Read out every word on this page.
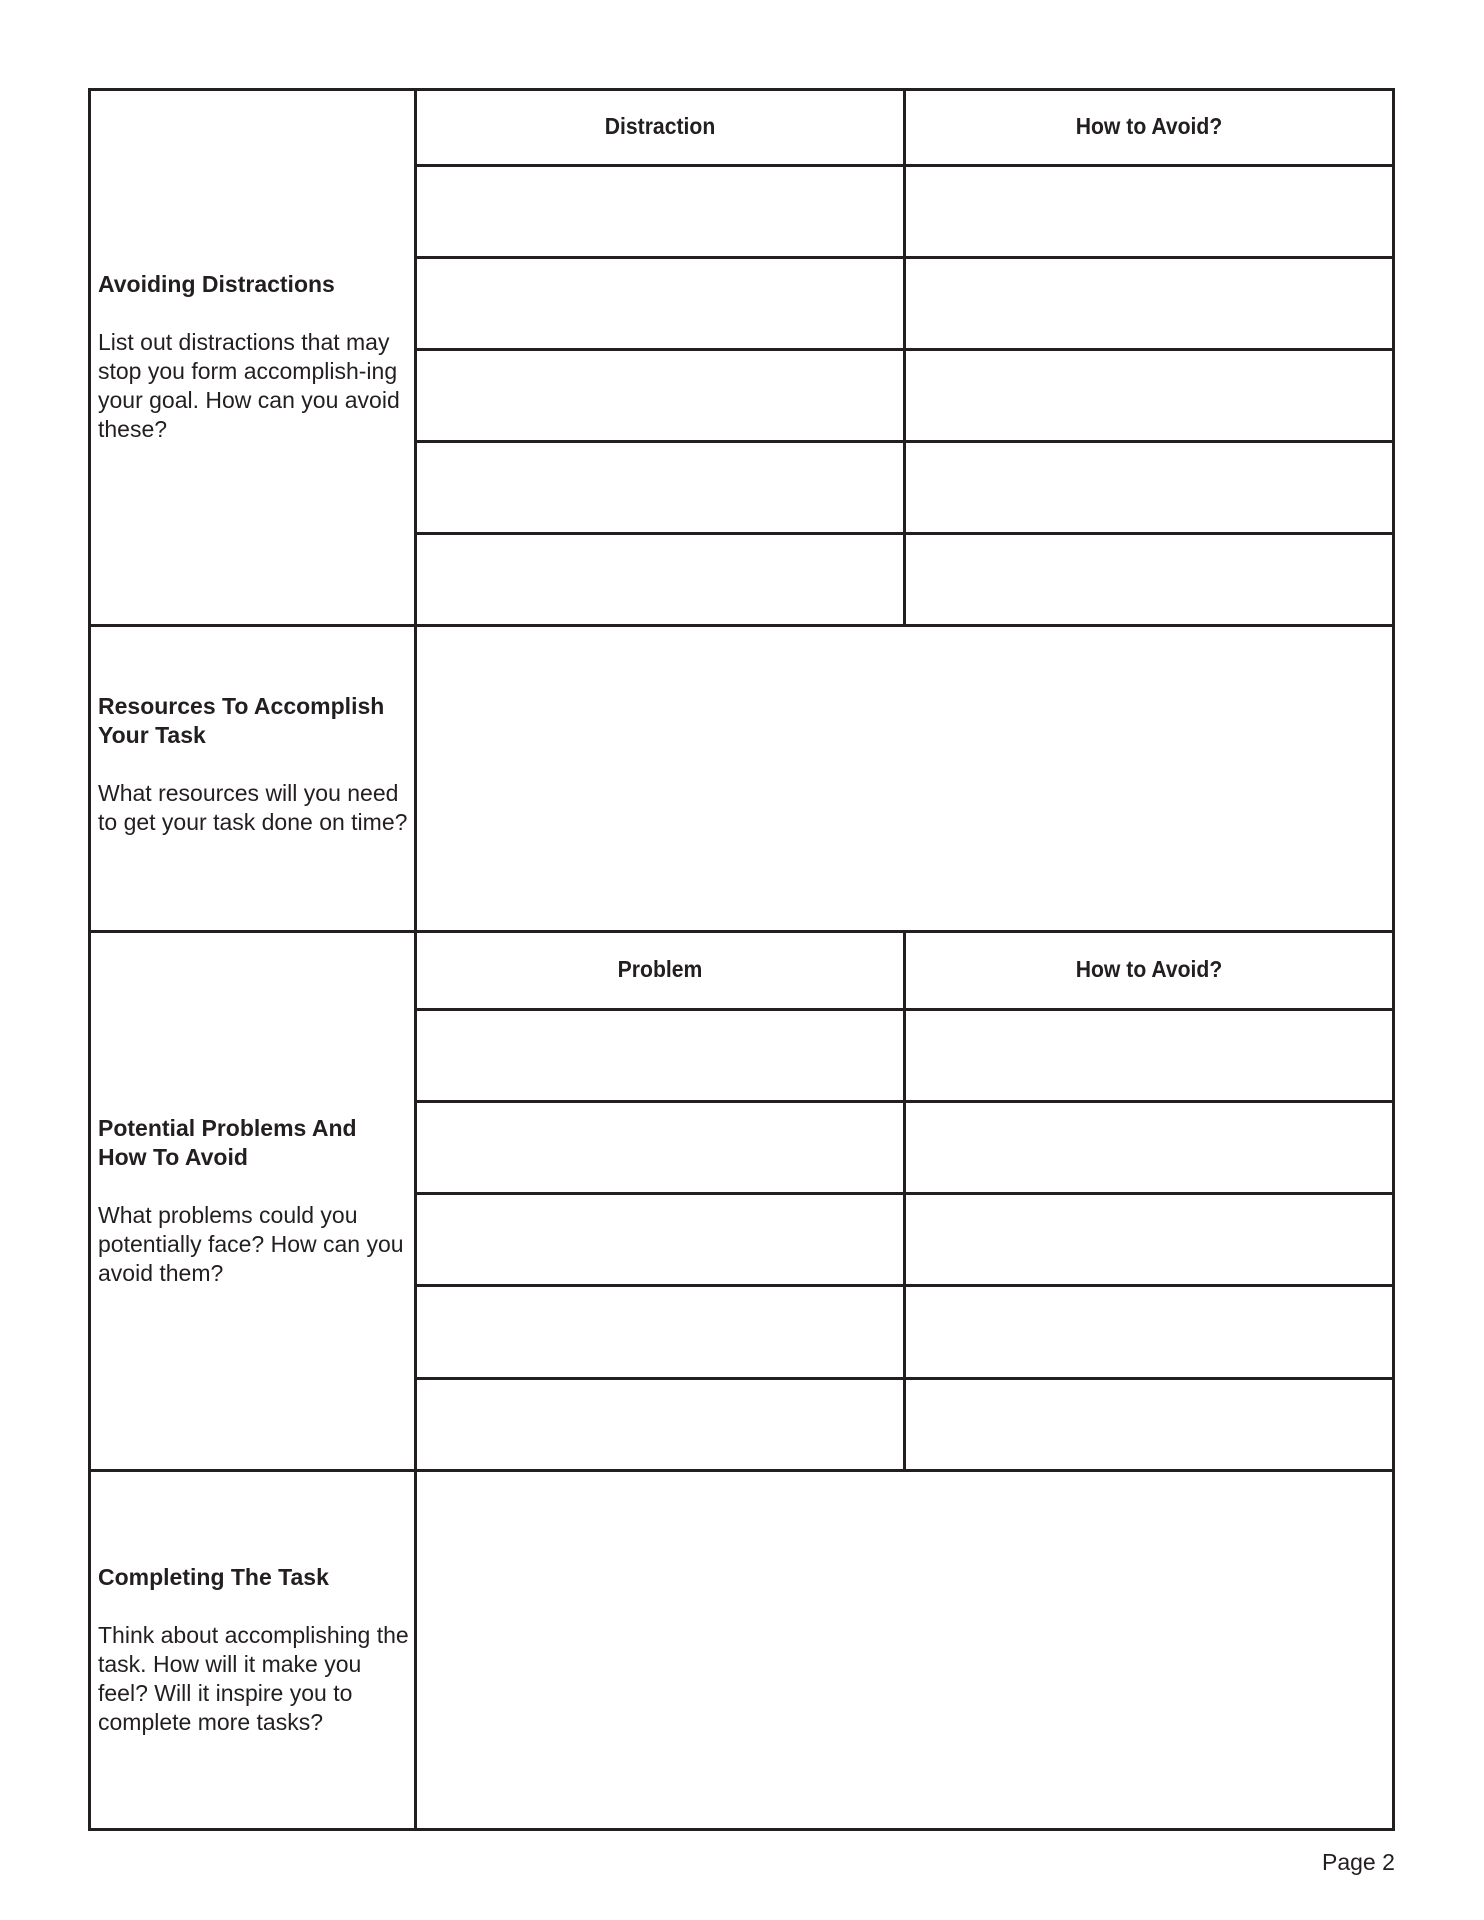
Avoiding Distractions

List out distractions that may stop you form accomplish-ing your goal. How can you avoid these?

Distraction	How to Avoid?

Resources To Accomplish Your Task

What resources will you need to get your task done on time?

Potential Problems And How To Avoid

What problems could you potentially face? How can you avoid them?

Problem	How to Avoid?

Completing The Task

Think about accomplishing the task. How will it make you feel? Will it inspire you to complete more tasks?

Page 2
